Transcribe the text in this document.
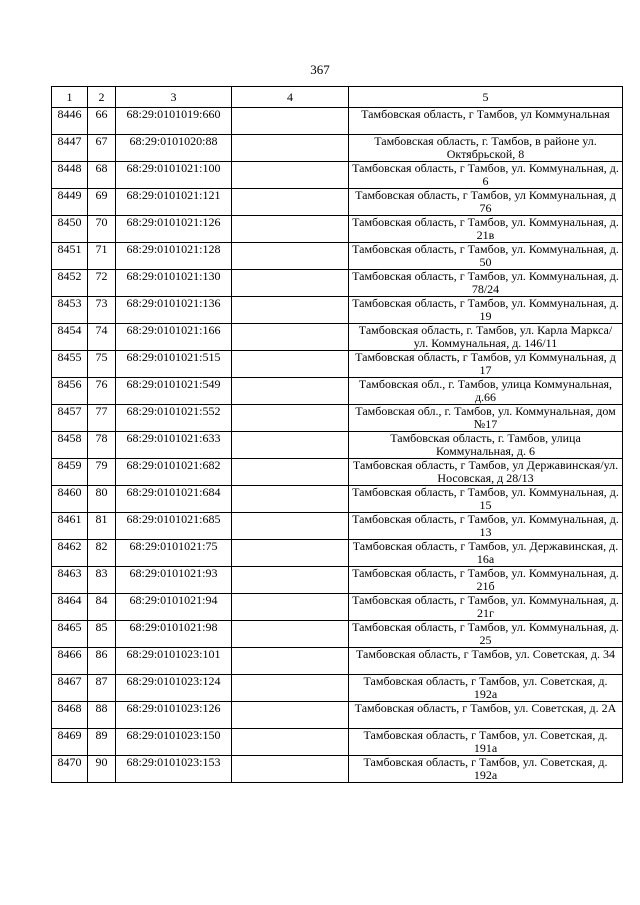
367
1	2	3	4	5
8446	66	68:29:0101019:660		Тамбовская область, г Тамбов, ул Коммунальная
8447	67	68:29:0101020:88		Тамбовская область, г. Тамбов, в районе ул. Октябрьской, 8
8448	68	68:29:0101021:100		Тамбовская область, г Тамбов, ул. Коммунальная, д. 6
8449	69	68:29:0101021:121		Тамбовская область, г Тамбов, ул Коммунальная, д 76
8450	70	68:29:0101021:126		Тамбовская область, г Тамбов, ул. Коммунальная, д. 21в
8451	71	68:29:0101021:128		Тамбовская область, г Тамбов, ул. Коммунальная, д. 50
8452	72	68:29:0101021:130		Тамбовская область, г Тамбов, ул. Коммунальная, д. 78/24
8453	73	68:29:0101021:136		Тамбовская область, г Тамбов, ул. Коммунальная, д. 19
8454	74	68:29:0101021:166		Тамбовская область, г. Тамбов, ул. Карла Маркса/ ул. Коммунальная, д. 146/11
8455	75	68:29:0101021:515		Тамбовская область, г Тамбов, ул Коммунальная, д 17
8456	76	68:29:0101021:549		Тамбовская обл., г. Тамбов, улица Коммунальная, д.66
8457	77	68:29:0101021:552		Тамбовская обл., г. Тамбов, ул. Коммунальная, дом №17
8458	78	68:29:0101021:633		Тамбовская область, г. Тамбов, улица Коммунальная, д. 6
8459	79	68:29:0101021:682		Тамбовская область, г Тамбов, ул Державинская/ул. Носовская, д 28/13
8460	80	68:29:0101021:684		Тамбовская область, г Тамбов, ул. Коммунальная, д. 15
8461	81	68:29:0101021:685		Тамбовская область, г Тамбов, ул. Коммунальная, д. 13
8462	82	68:29:0101021:75		Тамбовская область, г Тамбов, ул. Державинская, д. 16а
8463	83	68:29:0101021:93		Тамбовская область, г Тамбов, ул. Коммунальная, д. 21б
8464	84	68:29:0101021:94		Тамбовская область, г Тамбов, ул. Коммунальная, д. 21г
8465	85	68:29:0101021:98		Тамбовская область, г Тамбов, ул. Коммунальная, д. 25
8466	86	68:29:0101023:101		Тамбовская область, г Тамбов, ул. Советская, д. 34
8467	87	68:29:0101023:124		Тамбовская область, г Тамбов, ул. Советская, д. 192а
8468	88	68:29:0101023:126		Тамбовская область, г Тамбов, ул. Советская, д. 2А
8469	89	68:29:0101023:150		Тамбовская область, г Тамбов, ул. Советская, д. 191а
8470	90	68:29:0101023:153		Тамбовская область, г Тамбов, ул. Советская, д. 192а
